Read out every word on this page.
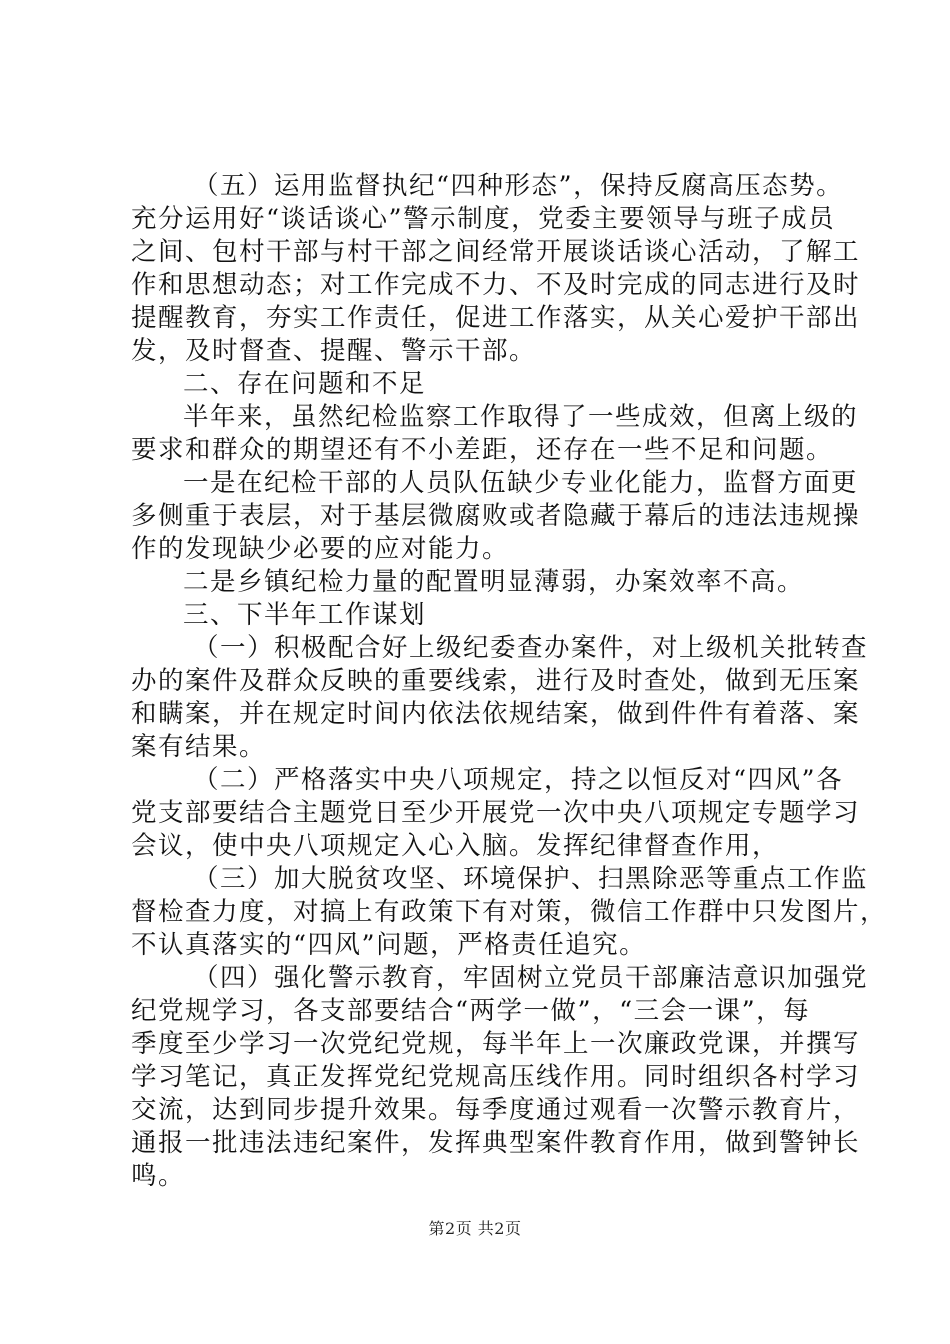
（五）运用监督执纪“四种形态”，保持反腐高压态势。
充分运用好“谈话谈心”警示制度，党委主要领导与班子成员
之间、包村干部与村干部之间经常开展谈话谈心活动，了解工
作和思想动态；对工作完成不力、不及时完成的同志进行及时
提醒教育，夯实工作责任，促进工作落实，从关心爱护干部出
发，及时督查、提醒、警示干部。
二、存在问题和不足
半年来，虽然纪检监察工作取得了一些成效，但离上级的
要求和群众的期望还有不小差距，还存在一些不足和问题。
一是在纪检干部的人员队伍缺少专业化能力，监督方面更
多侧重于表层，对于基层微腐败或者隐藏于幕后的违法违规操
作的发现缺少必要的应对能力。
二是乡镇纪检力量的配置明显薄弱，办案效率不高。
三、下半年工作谋划
（一）积极配合好上级纪委查办案件，对上级机关批转查
办的案件及群众反映的重要线索，进行及时查处，做到无压案
和瞒案，并在规定时间内依法依规结案，做到件件有着落、案
案有结果。
（二）严格落实中央八项规定，持之以恒反对“四风”各
党支部要结合主题党日至少开展党一次中央八项规定专题学习
会议，使中央八项规定入心入脑。发挥纪律督查作用，
（三）加大脱贫攻坚、环境保护、扫黑除恶等重点工作监
督检查力度，对搞上有政策下有对策，微信工作群中只发图片，
不认真落实的“四风”问题，严格责任追究。
（四）强化警示教育，牢固树立党员干部廉洁意识加强党
纪党规学习，各支部要结合“两学一做”，“三会一课”，每
季度至少学习一次党纪党规，每半年上一次廉政党课，并撰写
学习笔记，真正发挥党纪党规高压线作用。同时组织各村学习
交流，达到同步提升效果。每季度通过观看一次警示教育片，
通报一批违法违纪案件，发挥典型案件教育作用，做到警钟长
鸣。
第2页 共2页
